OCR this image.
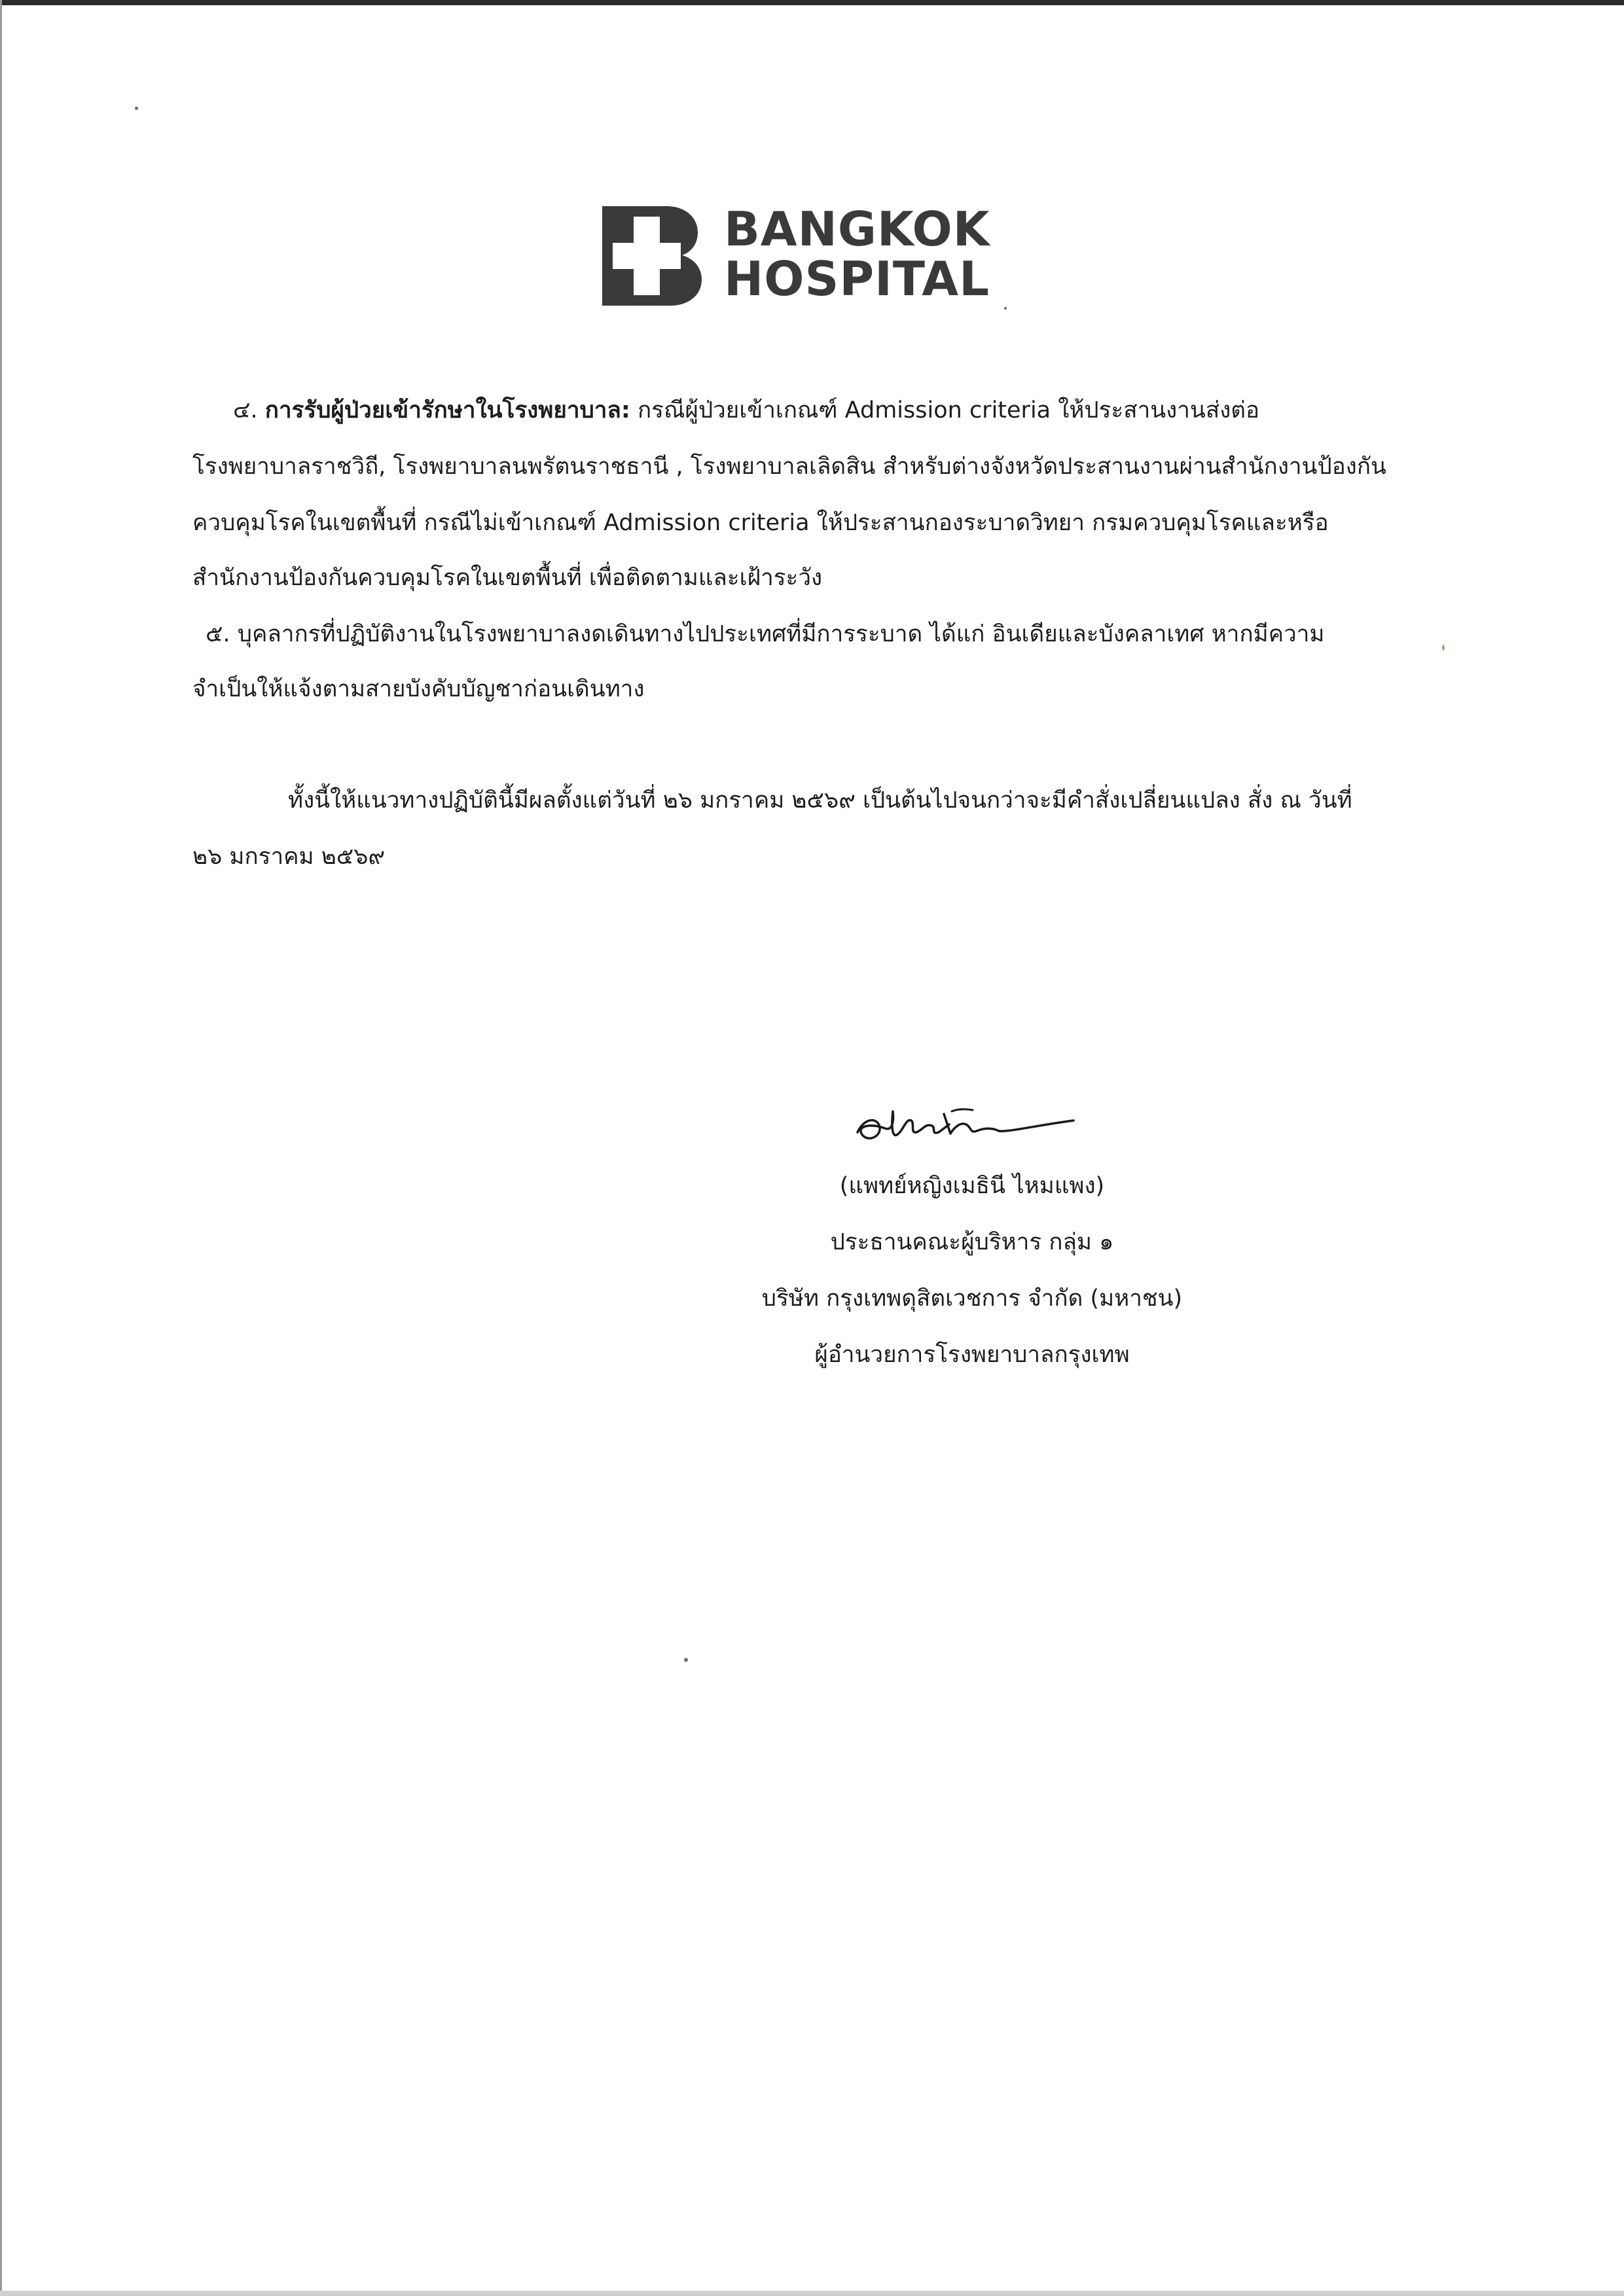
BANGKOK
HOSPITAL
๔. การรับผู้ป่วยเข้ารักษาในโรงพยาบาล: กรณีผู้ป่วยเข้าเกณฑ์ Admission criteria ให้ประสานงานส่งต่อ
โรงพยาบาลราชวิถี, โรงพยาบาลนพรัตนราชธานี , โรงพยาบาลเลิดสิน สำหรับต่างจังหวัดประสานงานผ่านสำนักงานป้องกัน
ควบคุมโรคในเขตพื้นที่ กรณีไม่เข้าเกณฑ์ Admission criteria ให้ประสานกองระบาดวิทยา กรมควบคุมโรคและหรือ
สำนักงานป้องกันควบคุมโรคในเขตพื้นที่ เพื่อติดตามและเฝ้าระวัง
๕. บุคลากรที่ปฏิบัติงานในโรงพยาบาลงดเดินทางไปประเทศที่มีการระบาด ได้แก่ อินเดียและบังคลาเทศ หากมีความ
จำเป็นให้แจ้งตามสายบังคับบัญชาก่อนเดินทาง
ทั้งนี้ให้แนวทางปฏิบัตินี้มีผลตั้งแต่วันที่ ๒๖ มกราคม ๒๕๖๙ เป็นต้นไปจนกว่าจะมีคำสั่งเปลี่ยนแปลง สั่ง ณ วันที่
๒๖ มกราคม ๒๕๖๙
(แพทย์หญิงเมธินี ไหมแพง)
ประธานคณะผู้บริหาร กลุ่ม ๑
บริษัท กรุงเทพดุสิตเวชการ จำกัด (มหาชน)
ผู้อำนวยการโรงพยาบาลกรุงเทพ
